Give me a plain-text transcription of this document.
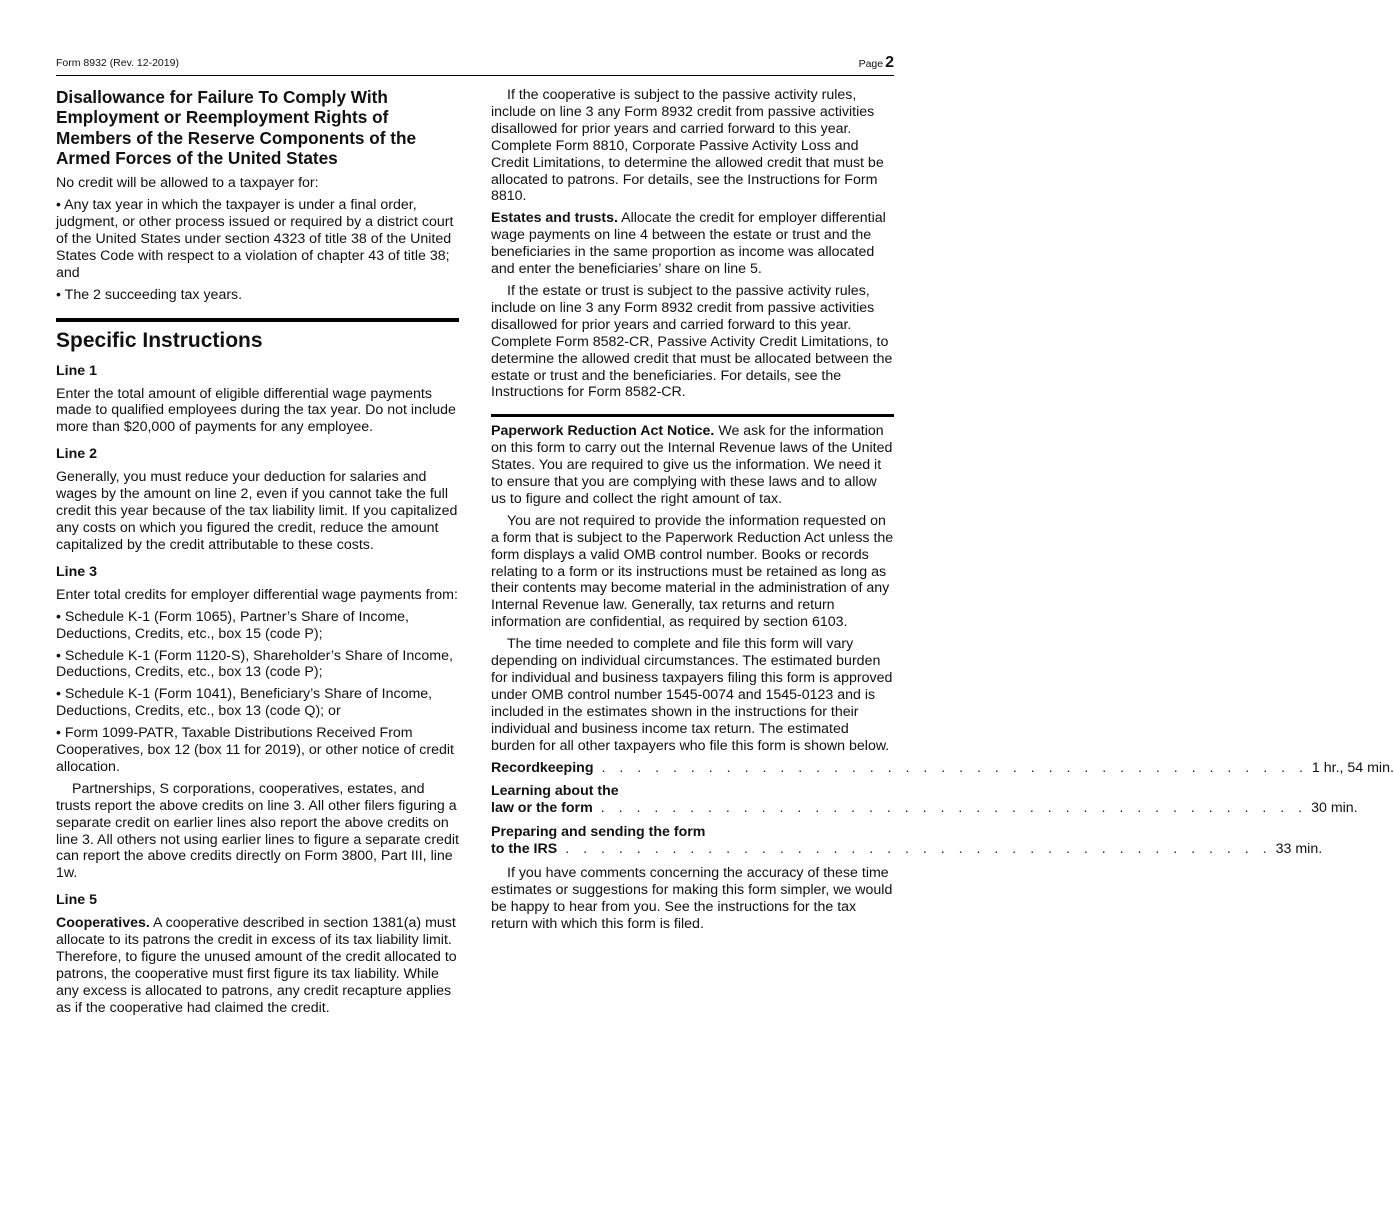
Form 8932 (Rev. 12-2019)	Page 2
Disallowance for Failure To Comply With Employment or Reemployment Rights of Members of the Reserve Components of the Armed Forces of the United States

No credit will be allowed to a taxpayer for:

• Any tax year in which the taxpayer is under a final order, judgment, or other process issued or required by a district court of the United States under section 4323 of title 38 of the United States Code with respect to a violation of chapter 43 of title 38; and

• The 2 succeeding tax years.

Specific Instructions
Line 1

Enter the total amount of eligible differential wage payments made to qualified employees during the tax year. Do not include more than $20,000 of payments for any employee.

Line 2

Generally, you must reduce your deduction for salaries and wages by the amount on line 2, even if you cannot take the full credit this year because of the tax liability limit. If you capitalized any costs on which you figured the credit, reduce the amount capitalized by the credit attributable to these costs.

Line 3

Enter total credits for employer differential wage payments from:

• Schedule K-1 (Form 1065), Partner’s Share of Income, Deductions, Credits, etc., box 15 (code P);

• Schedule K-1 (Form 1120-S), Shareholder’s Share of Income, Deductions, Credits, etc., box 13 (code P);

• Schedule K-1 (Form 1041), Beneficiary’s Share of Income, Deductions, Credits, etc., box 13 (code Q); or

• Form 1099-PATR, Taxable Distributions Received From Cooperatives, box 12 (box 11 for 2019), or other notice of credit allocation.

Partnerships, S corporations, cooperatives, estates, and trusts report the above credits on line 3. All other filers figuring a separate credit on earlier lines also report the above credits on line 3. All others not using earlier lines to figure a separate credit can report the above credits directly on Form 3800, Part III, line 1w.

Line 5

Cooperatives. A cooperative described in section 1381(a) must allocate to its patrons the credit in excess of its tax liability limit. Therefore, to figure the unused amount of the credit allocated to patrons, the cooperative must first figure its tax liability. While any excess is allocated to patrons, any credit recapture applies as if the cooperative had claimed the credit.

If the cooperative is subject to the passive activity rules, include on line 3 any Form 8932 credit from passive activities disallowed for prior years and carried forward to this year. Complete Form 8810, Corporate Passive Activity Loss and Credit Limitations, to determine the allowed credit that must be allocated to patrons. For details, see the Instructions for Form 8810.

Estates and trusts. Allocate the credit for employer differential wage payments on line 4 between the estate or trust and the beneficiaries in the same proportion as income was allocated and enter the beneficiaries’ share on line 5.

If the estate or trust is subject to the passive activity rules, include on line 3 any Form 8932 credit from passive activities disallowed for prior years and carried forward to this year. Complete Form 8582-CR, Passive Activity Credit Limitations, to determine the allowed credit that must be allocated between the estate or trust and the beneficiaries. For details, see the Instructions for Form 8582-CR.

Paperwork Reduction Act Notice. We ask for the information on this form to carry out the Internal Revenue laws of the United States. You are required to give us the information. We need it to ensure that you are complying with these laws and to allow us to figure and collect the right amount of tax.

You are not required to provide the information requested on a form that is subject to the Paperwork Reduction Act unless the form displays a valid OMB control number. Books or records relating to a form or its instructions must be retained as long as their contents may become material in the administration of any Internal Revenue law. Generally, tax returns and return information are confidential, as required by section 6103.

The time needed to complete and file this form will vary depending on individual circumstances. The estimated burden for individual and business taxpayers filing this form is approved under OMB control number 1545-0074 and 1545-0123 and is included in the estimates shown in the instructions for their individual and business income tax return. The estimated burden for all other taxpayers who file this form is shown below.

Recordkeeping . . . . . . . . . . . . . . . . . . . . . . . . . . . . . . . . . . . . . . . . 1 hr., 54 min.
Learning about the
law or the form . . . . . . . . . . . . . . . . . . . . . . . . . . . . . . . . . . . . . . . . 30 min.
Preparing and sending the form
to the IRS . . . . . . . . . . . . . . . . . . . . . . . . . . . . . . . . . . . . . . . . 33 min.

If you have comments concerning the accuracy of these time estimates or suggestions for making this form simpler, we would be happy to hear from you. See the instructions for the tax return with which this form is filed.
